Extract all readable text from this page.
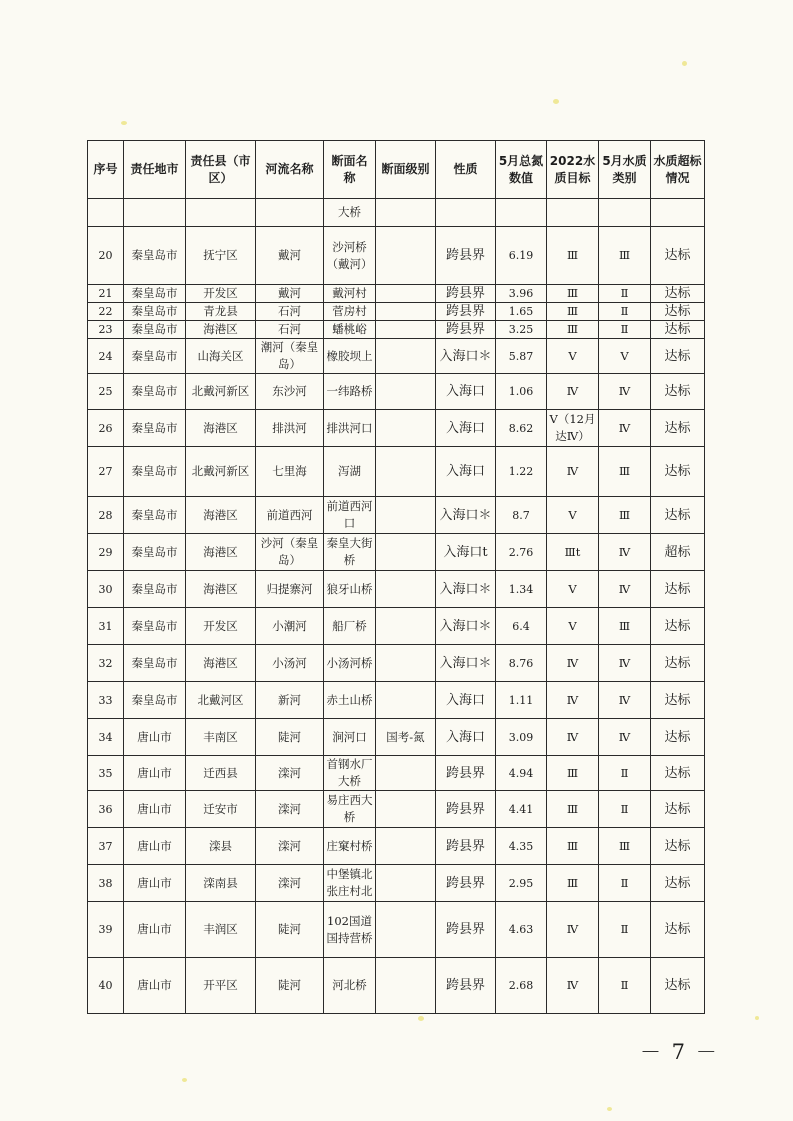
序号	责任地市	责任县（市区）	河流名称	断面名称	断面级别	性质	5月总氮数值	2022水质目标	5月水质类别	水质超标情况
				大桥						
20	秦皇岛市	抚宁区	戴河	沙河桥（戴河）		跨县界	6.19	Ⅲ	Ⅲ	达标
21	秦皇岛市	开发区	戴河	戴河村		跨县界	3.96	Ⅲ	Ⅱ	达标
22	秦皇岛市	青龙县	石河	菅房村		跨县界	1.65	Ⅲ	Ⅱ	达标
23	秦皇岛市	海港区	石河	蟠桃峪		跨县界	3.25	Ⅲ	Ⅱ	达标
24	秦皇岛市	山海关区	潮河（秦皇岛）	橡胶坝上		入海口＊	5.87	Ⅴ	Ⅴ	达标
25	秦皇岛市	北戴河新区	东沙河	一纬路桥		入海口	1.06	Ⅳ	Ⅳ	达标
26	秦皇岛市	海港区	排洪河	排洪河口		入海口	8.62	Ⅴ（12月达Ⅳ）	Ⅳ	达标
27	秦皇岛市	北戴河新区	七里海	泻湖		入海口	1.22	Ⅳ	Ⅲ	达标
28	秦皇岛市	海港区	前道西河	前道西河口		入海口＊	8.7	Ⅴ	Ⅲ	达标
29	秦皇岛市	海港区	沙河（秦皇岛）	秦皇大街桥		入海口t	2.76	Ⅲt	Ⅳ	超标
30	秦皇岛市	海港区	归提寨河	狼牙山桥		入海口＊	1.34	Ⅴ	Ⅳ	达标
31	秦皇岛市	开发区	小潮河	船厂桥		入海口＊	6.4	Ⅴ	Ⅲ	达标
32	秦皇岛市	海港区	小汤河	小汤河桥		入海口＊	8.76	Ⅳ	Ⅳ	达标
33	秦皇岛市	北戴河区	新河	赤土山桥		入海口	1.11	Ⅳ	Ⅳ	达标
34	唐山市	丰南区	陡河	涧河口	国考-氮	入海口	3.09	Ⅳ	Ⅳ	达标
35	唐山市	迁西县	滦河	首钢水厂大桥		跨县界	4.94	Ⅲ	Ⅱ	达标
36	唐山市	迁安市	滦河	易庄西大桥		跨县界	4.41	Ⅲ	Ⅱ	达标
37	唐山市	滦县	滦河	庄窠村桥		跨县界	4.35	Ⅲ	Ⅲ	达标
38	唐山市	滦南县	滦河	中堡镇北张庄村北		跨县界	2.95	Ⅲ	Ⅱ	达标
39	唐山市	丰润区	陡河	102国道国持营桥		跨县界	4.63	Ⅳ	Ⅱ	达标
40	唐山市	开平区	陡河	河北桥		跨县界	2.68	Ⅳ	Ⅱ	达标
－ 7 －
